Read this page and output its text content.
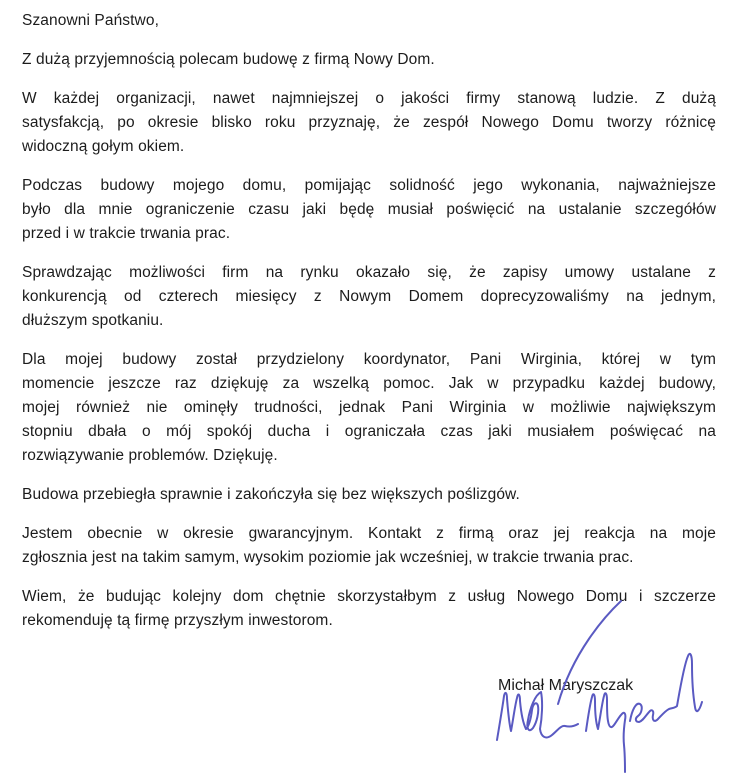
Szanowni Państwo,
Z dużą przyjemnością polecam budowę z firmą Nowy Dom.
W każdej organizacji, nawet najmniejszej o jakości firmy stanową ludzie. Z dużą
satysfakcją, po okresie blisko roku przyznaję, że zespół Nowego Domu tworzy różnicę
widoczną gołym okiem.
Podczas budowy mojego domu, pomijając solidność jego wykonania, najważniejsze
było dla mnie ograniczenie czasu jaki będę musiał poświęcić na ustalanie szczegółów
przed i w trakcie trwania prac.
Sprawdzając możliwości firm na rynku okazało się, że zapisy umowy ustalane z
konkurencją od czterech miesięcy z Nowym Domem doprecyzowaliśmy na jednym,
dłuższym spotkaniu.
Dla mojej budowy został przydzielony koordynator, Pani Wirginia, której w tym
momencie jeszcze raz dziękuję za wszelką pomoc. Jak w przypadku każdej budowy,
mojej również nie ominęły trudności, jednak Pani Wirginia w możliwie największym
stopniu dbała o mój spokój ducha i ograniczała czas jaki musiałem poświęcać na
rozwiązywanie problemów. Dziękuję.
Budowa przebiegła sprawnie i zakończyła się bez większych poślizgów.
Jestem obecnie w okresie gwarancyjnym. Kontakt z firmą oraz jej reakcja na moje
zgłosznia jest na takim samym, wysokim poziomie jak wcześniej, w trakcie trwania prac.
Wiem, że budując kolejny dom chętnie skorzystałbym z usług Nowego Domu i szczerze
rekomenduję tą firmę przyszłym inwestorom.
Michał Maryszczak
